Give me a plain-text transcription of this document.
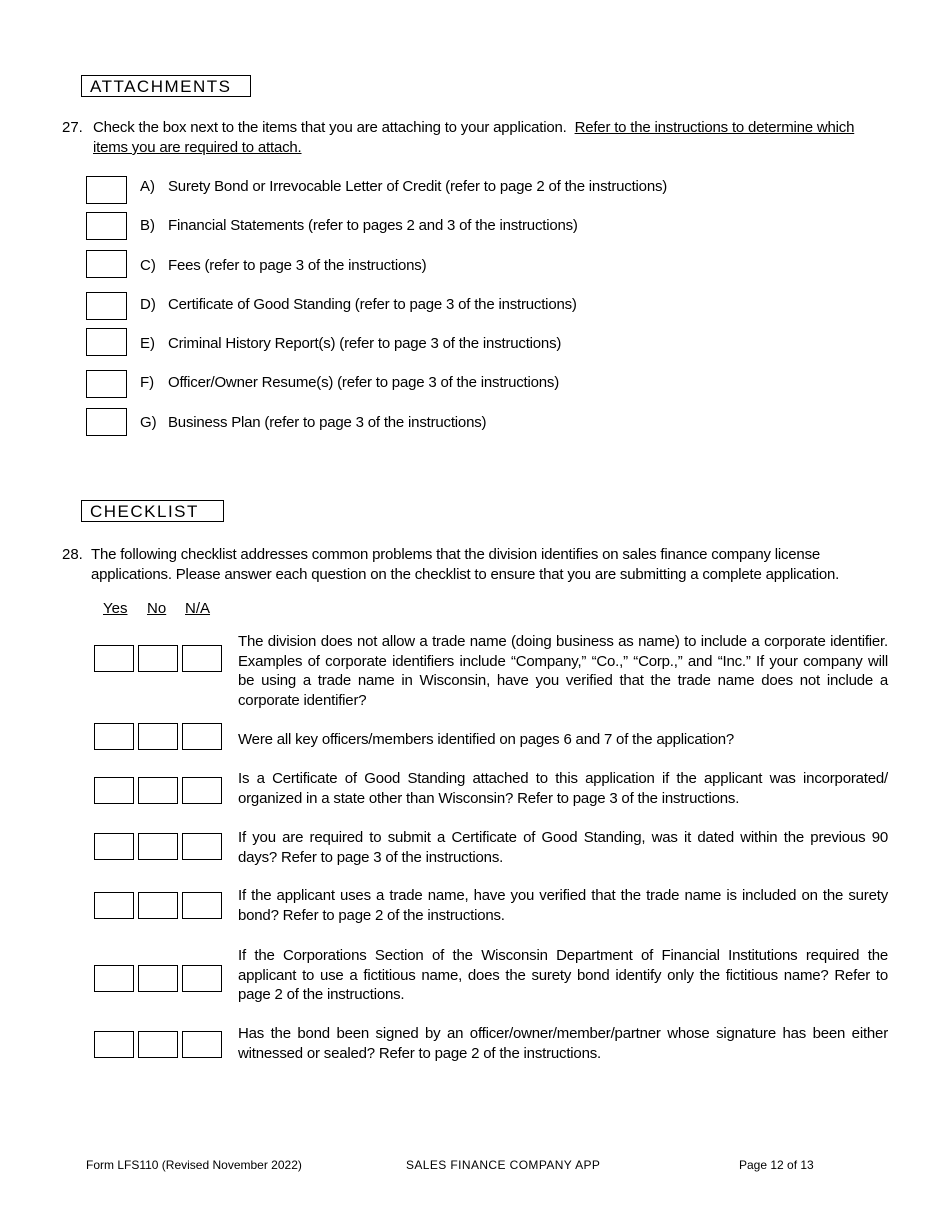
ATTACHMENTS
27. Check the box next to the items that you are attaching to your application. Refer to the instructions to determine which items you are required to attach.
A) Surety Bond or Irrevocable Letter of Credit (refer to page 2 of the instructions)
B) Financial Statements (refer to pages 2 and 3 of the instructions)
C) Fees (refer to page 3 of the instructions)
D) Certificate of Good Standing (refer to page 3 of the instructions)
E) Criminal History Report(s) (refer to page 3 of the instructions)
F) Officer/Owner Resume(s) (refer to page 3 of the instructions)
G) Business Plan (refer to page 3 of the instructions)
CHECKLIST
28. The following checklist addresses common problems that the division identifies on sales finance company license applications. Please answer each question on the checklist to ensure that you are submitting a complete application.
Yes No N/A
The division does not allow a trade name (doing business as name) to include a corporate identifier. Examples of corporate identifiers include “Company,” “Co.,” “Corp.,” and “Inc.” If your company will be using a trade name in Wisconsin, have you verified that the trade name does not include a corporate identifier?
Were all key officers/members identified on pages 6 and 7 of the application?
Is a Certificate of Good Standing attached to this application if the applicant was incorporated/ organized in a state other than Wisconsin? Refer to page 3 of the instructions.
If you are required to submit a Certificate of Good Standing, was it dated within the previous 90 days? Refer to page 3 of the instructions.
If the applicant uses a trade name, have you verified that the trade name is included on the surety bond? Refer to page 2 of the instructions.
If the Corporations Section of the Wisconsin Department of Financial Institutions required the applicant to use a fictitious name, does the surety bond identify only the fictitious name? Refer to page 2 of the instructions.
Has the bond been signed by an officer/owner/member/partner whose signature has been either witnessed or sealed? Refer to page 2 of the instructions.
Form LFS110 (Revised November 2022)	SALES FINANCE COMPANY APP	Page 12 of 13
